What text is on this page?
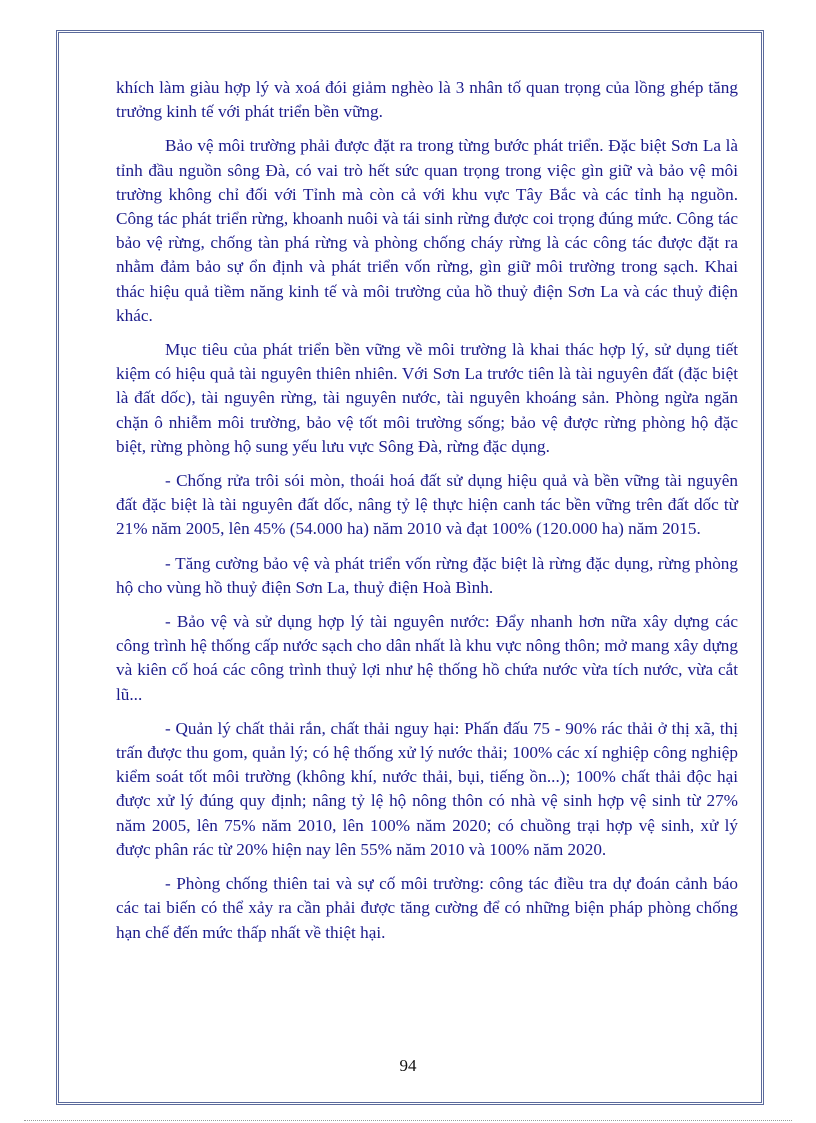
khích làm giàu hợp lý và xoá đói giảm nghèo là 3 nhân tố quan trọng của lồng ghép tăng trưởng kinh tế với phát triển bền vững.

Bảo vệ môi trường phải được đặt ra trong từng bước phát triển. Đặc biệt Sơn La là tỉnh đầu nguồn sông Đà, có vai trò hết sức quan trọng trong việc gìn giữ và bảo vệ môi trường không chỉ đối với Tỉnh mà còn cả với khu vực Tây Bắc và các tỉnh hạ nguồn. Công tác phát triển rừng, khoanh nuôi và tái sinh rừng được coi trọng đúng mức. Công tác bảo vệ rừng, chống tàn phá rừng và phòng chống cháy rừng là các công tác được đặt ra nhằm đảm bảo sự ổn định và phát triển vốn rừng, gìn giữ môi trường trong sạch. Khai thác hiệu quả tiềm năng kinh tế và môi trường của hồ thuỷ điện Sơn La và các thuỷ điện khác.

Mục tiêu của phát triển bền vững về môi trường là khai thác hợp lý, sử dụng tiết kiệm có hiệu quả tài nguyên thiên nhiên. Với Sơn La trước tiên là tài nguyên đất (đặc biệt là đất dốc), tài nguyên rừng, tài nguyên nước, tài nguyên khoáng sản. Phòng ngừa ngăn chặn ô nhiễm môi trường, bảo vệ tốt môi trường sống; bảo vệ được rừng phòng hộ đặc biệt, rừng phòng hộ sung yếu lưu vực Sông Đà, rừng đặc dụng.

- Chống rửa trôi sói mòn, thoái hoá đất sử dụng hiệu quả và bền vững tài nguyên đất đặc biệt là tài nguyên đất dốc, nâng tỷ lệ thực hiện canh tác bền vững trên đất dốc từ 21% năm 2005, lên 45% (54.000 ha) năm 2010 và đạt 100% (120.000 ha) năm 2015.

- Tăng cường bảo vệ và phát triển vốn rừng đặc biệt là rừng đặc dụng, rừng phòng hộ cho vùng hồ thuỷ điện Sơn La, thuỷ điện Hoà Bình.

- Bảo vệ và sử dụng hợp lý tài nguyên nước: Đẩy nhanh hơn nữa xây dựng các công trình hệ thống cấp nước sạch cho dân nhất là khu vực nông thôn; mở mang xây dựng và kiên cố hoá các công trình thuỷ lợi như hệ thống hồ chứa nước vừa tích nước, vừa cắt lũ...

- Quản lý chất thải rắn, chất thải nguy hại: Phấn đấu 75 - 90% rác thải ở thị xã, thị trấn được thu gom, quản lý; có hệ thống xử lý nước thải; 100% các xí nghiệp công nghiệp kiểm soát tốt môi trường (không khí, nước thải, bụi, tiếng ồn...); 100% chất thải độc hại được xử lý đúng quy định; nâng tỷ lệ hộ nông thôn có nhà vệ sinh hợp vệ sinh từ 27% năm 2005, lên 75% năm 2010, lên 100% năm 2020; có chuồng trại hợp vệ sinh, xử lý được phân rác từ 20% hiện nay lên 55% năm 2010 và 100% năm 2020.

- Phòng chống thiên tai và sự cố môi trường: công tác điều tra dự đoán cảnh báo các tai biến có thể xảy ra cần phải được tăng cường để có những biện pháp phòng chống hạn chế đến mức thấp nhất về thiệt hại.

94
